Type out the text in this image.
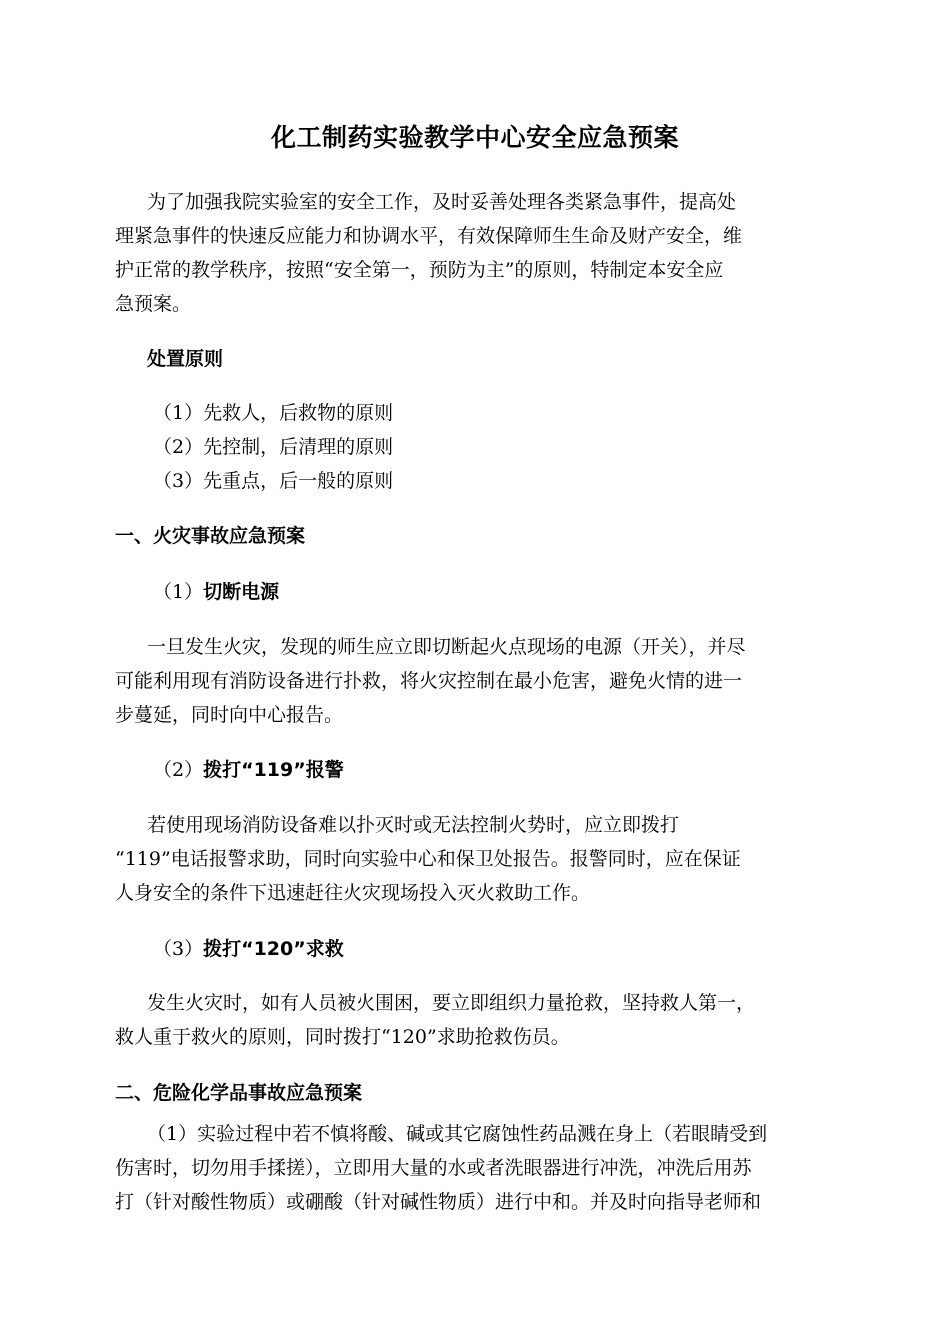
化工制药实验教学中心安全应急预案
为了加强我院实验室的安全工作，及时妥善处理各类紧急事件，提高处
理紧急事件的快速反应能力和协调水平，有效保障师生生命及财产安全，维
护正常的教学秩序，按照“安全第一，预防为主”的原则，特制定本安全应
急预案。
处置原则
（1）先救人，后救物的原则
（2）先控制，后清理的原则
（3）先重点，后一般的原则
一、火灾事故应急预案
（1）切断电源
一旦发生火灾，发现的师生应立即切断起火点现场的电源（开关），并尽
可能利用现有消防设备进行扑救，将火灾控制在最小危害，避免火情的进一
步蔓延，同时向中心报告。
（2）拨打“119”报警
若使用现场消防设备难以扑灭时或无法控制火势时，应立即拨打
“119”电话报警求助，同时向实验中心和保卫处报告。报警同时，应在保证
人身安全的条件下迅速赶往火灾现场投入灭火救助工作。
（3）拨打“120”求救
发生火灾时，如有人员被火围困，要立即组织力量抢救，坚持救人第一，
救人重于救火的原则，同时拨打“120”求助抢救伤员。
二、危险化学品事故应急预案
（1）实验过程中若不慎将酸、碱或其它腐蚀性药品溅在身上（若眼睛受到
伤害时，切勿用手揉搓），立即用大量的水或者洗眼器进行冲洗，冲洗后用苏
打（针对酸性物质）或硼酸（针对碱性物质）进行中和。并及时向指导老师和
